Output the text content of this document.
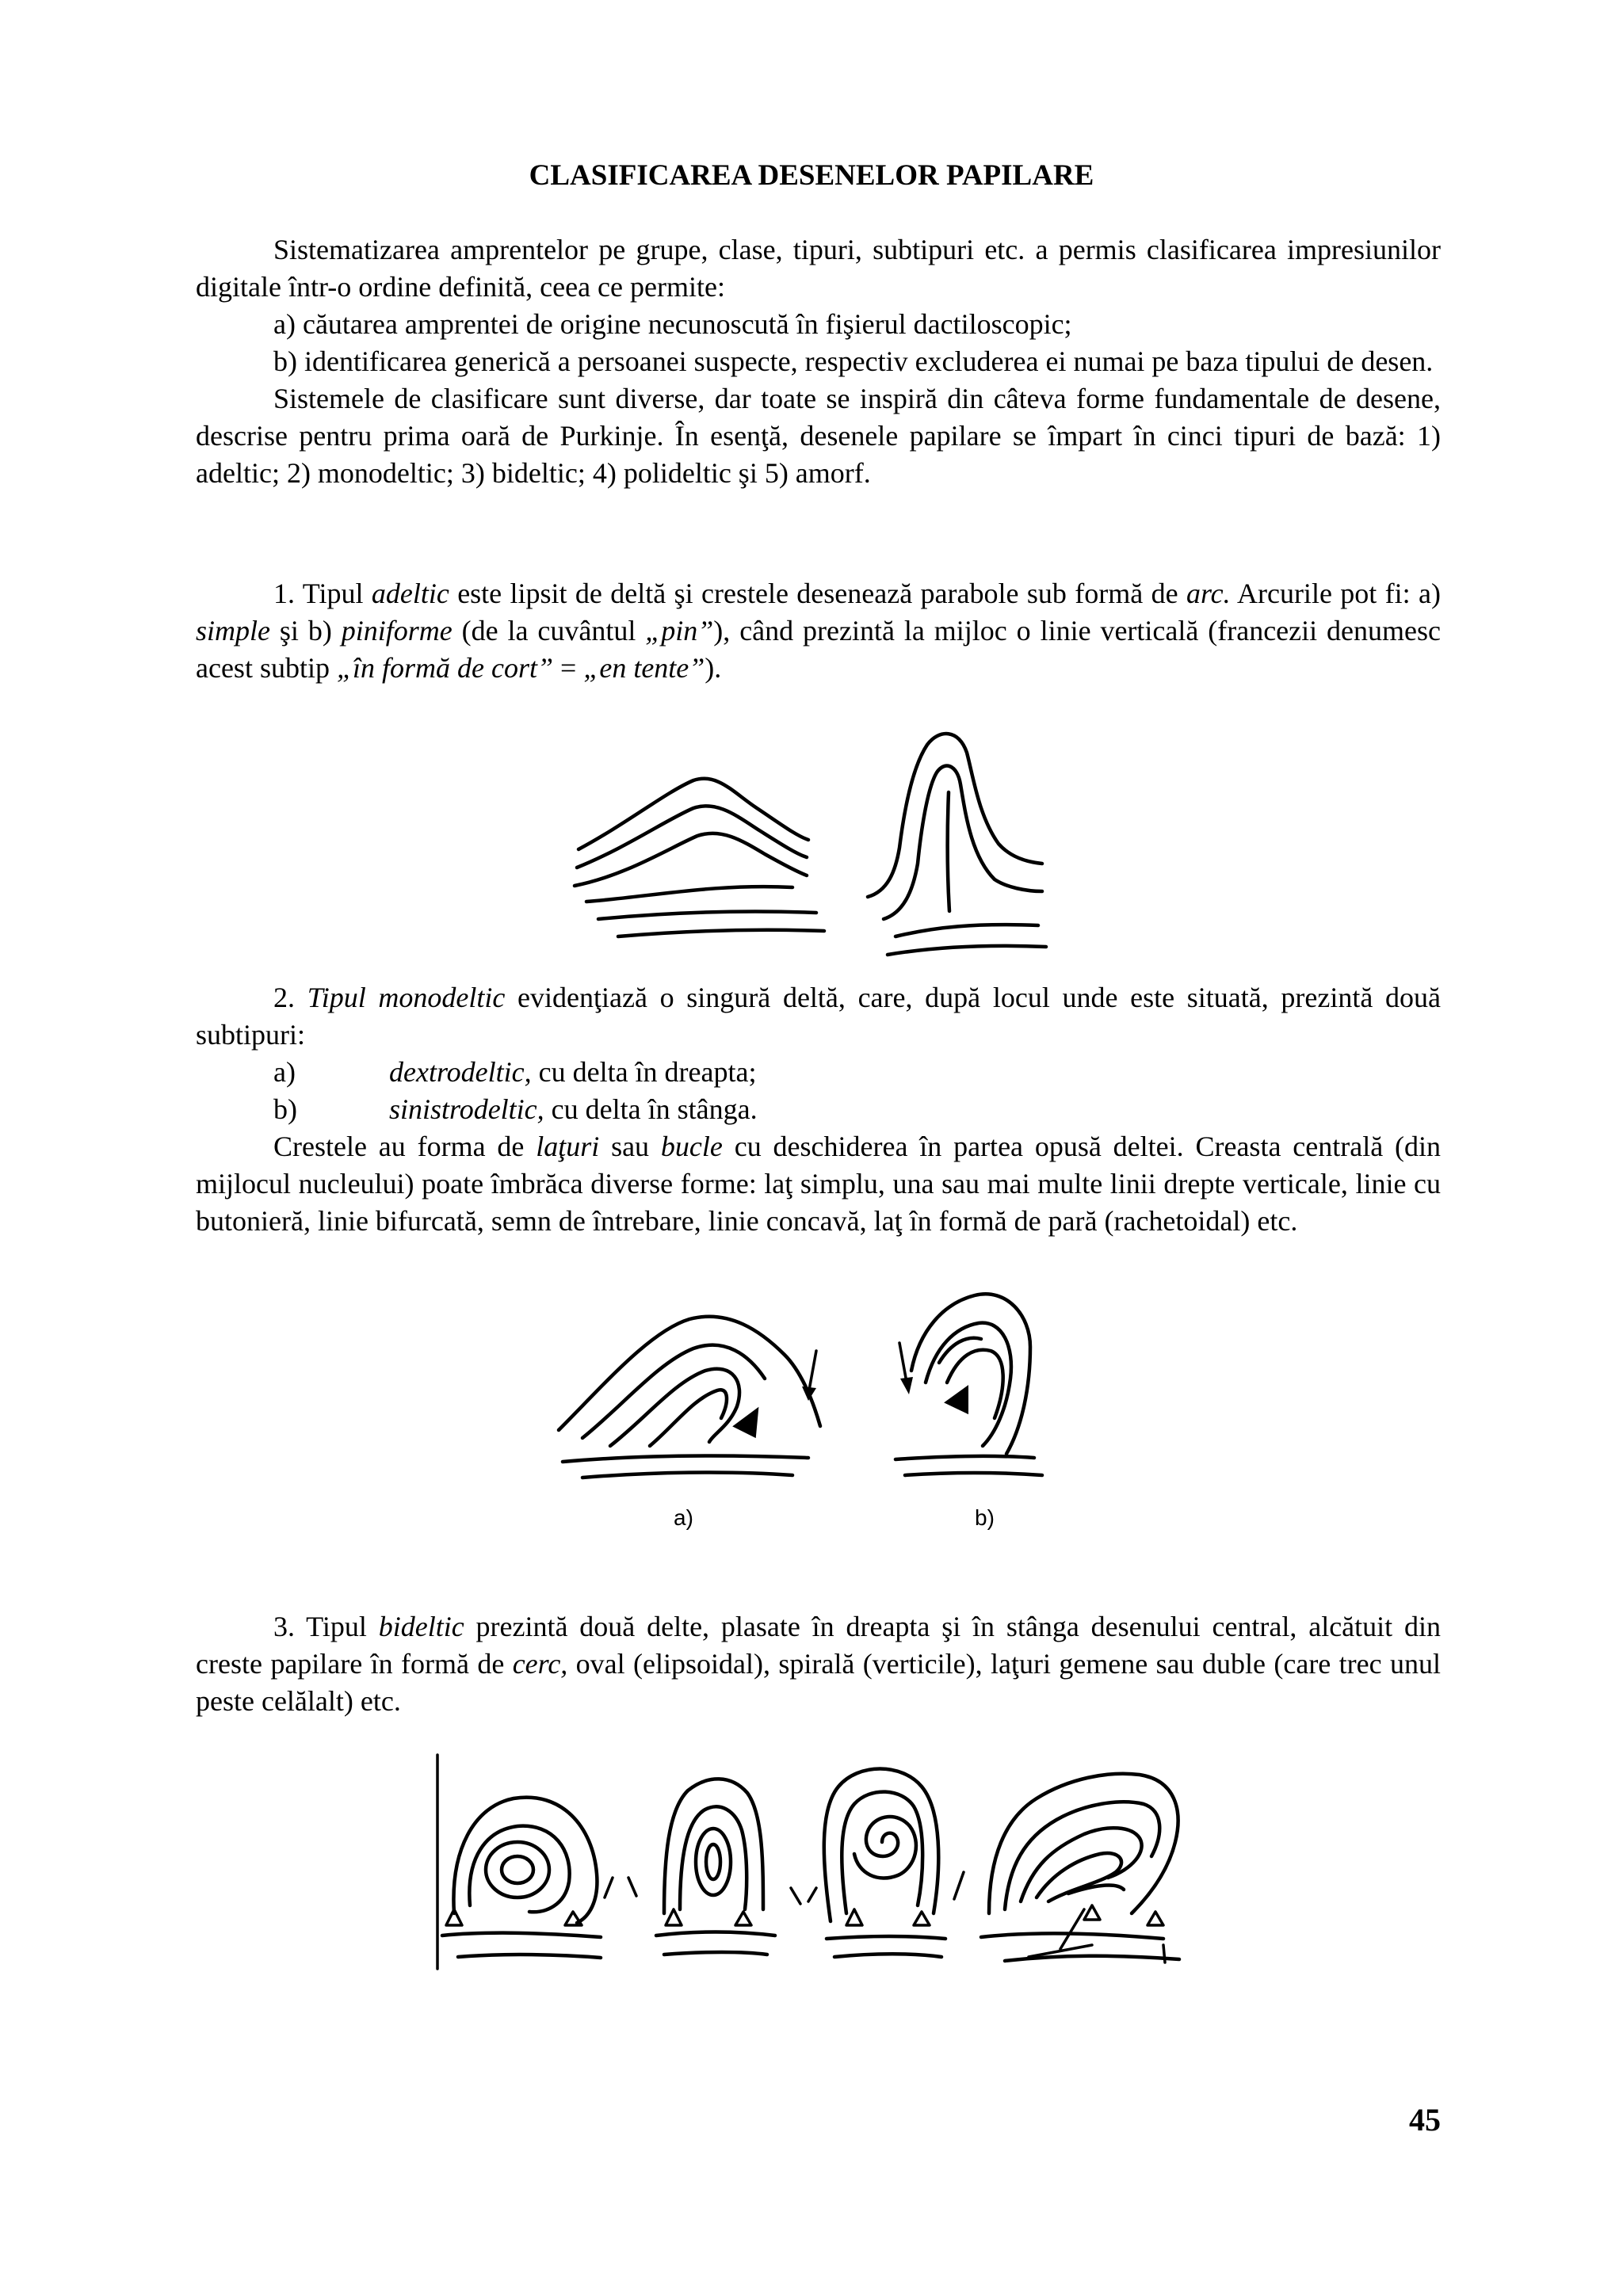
CLASIFICAREA DESENELOR PAPILARE

Sistematizarea amprentelor pe grupe, clase, tipuri, subtipuri etc. a permis clasificarea impresiunilor digitale într-o ordine definită, ceea ce permite:

a) căutarea amprentei de origine necunoscută în fişierul dactiloscopic;

b) identificarea generică a persoanei suspecte, respectiv excluderea ei numai pe baza tipului de desen.

Sistemele de clasificare sunt diverse, dar toate se inspiră din câteva forme fundamentale de desene, descrise pentru prima oară de Purkinje. În esenţă, desenele papilare se împart în cinci tipuri de bază: 1) adeltic; 2) monodeltic; 3) bideltic; 4) polideltic şi 5) amorf.

1. Tipul adeltic este lipsit de deltă şi crestele desenează parabole sub formă de arc. Arcurile pot fi: a) simple şi b) piniforme (de la cuvântul „pin”), când prezintă la mijloc o linie verticală (francezii denumesc acest subtip „în formă de cort” = „en tente”).

2. Tipul monodeltic evidenţiază o singură deltă, care, după locul unde este situată, prezintă două subtipuri:

a)	dextrodeltic, cu delta în dreapta;
b)	sinistrodeltic, cu delta în stânga.

Crestele au forma de laţuri sau bucle cu deschiderea în partea opusă deltei. Creasta centrală (din mijlocul nucleului) poate îmbrăca diverse forme: laţ simplu, una sau mai multe linii drepte verticale, linie cu butonieră, linie bifurcată, semn de întrebare, linie concavă, laţ în formă de pară (rachetoidal) etc.

a)	b)

3. Tipul bideltic prezintă două delte, plasate în dreapta şi în stânga desenului central, alcătuit din creste papilare în formă de cerc, oval (elipsoidal), spirală (verticile), laţuri gemene sau duble (care trec unul peste celălalt) etc.

45
